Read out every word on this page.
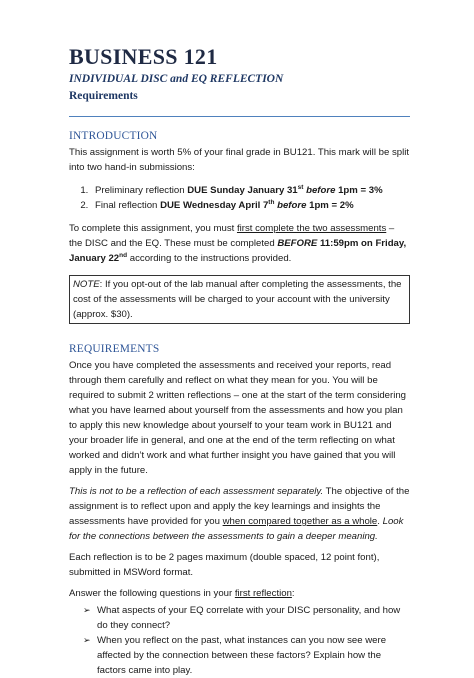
BUSINESS 121
INDIVIDUAL DISC and EQ REFLECTION
Requirements
INTRODUCTION

This assignment is worth 5% of your final grade in BU121. This mark will be split into two hand-in submissions:

1. Preliminary reflection DUE Sunday January 31st before 1pm = 3%
2. Final reflection DUE Wednesday April 7th before 1pm = 2%

To complete this assignment, you must first complete the two assessments – the DISC and the EQ. These must be completed BEFORE 11:59pm on Friday, January 22nd according to the instructions provided.

NOTE: If you opt-out of the lab manual after completing the assessments, the cost of the assessments will be charged to your account with the university (approx. $30).
REQUIREMENTS

Once you have completed the assessments and received your reports, read through them carefully and reflect on what they mean for you. You will be required to submit 2 written reflections – one at the start of the term considering what you have learned about yourself from the assessments and how you plan to apply this new knowledge about yourself to your team work in BU121 and your broader life in general, and one at the end of the term reflecting on what worked and didn’t work and what further insight you have gained that you will apply in the future.

This is not to be a reflection of each assessment separately. The objective of the assignment is to reflect upon and apply the key learnings and insights the assessments have provided for you when compared together as a whole. Look for the connections between the assessments to gain a deeper meaning.

Each reflection is to be 2 pages maximum (double spaced, 12 point font), submitted in MSWord format.

Answer the following questions in your first reflection:

➢ What aspects of your EQ correlate with your DISC personality, and how do they connect?
➢ When you reflect on the past, what instances can you now see were affected by the connection between these factors? Explain how the factors came into play.
